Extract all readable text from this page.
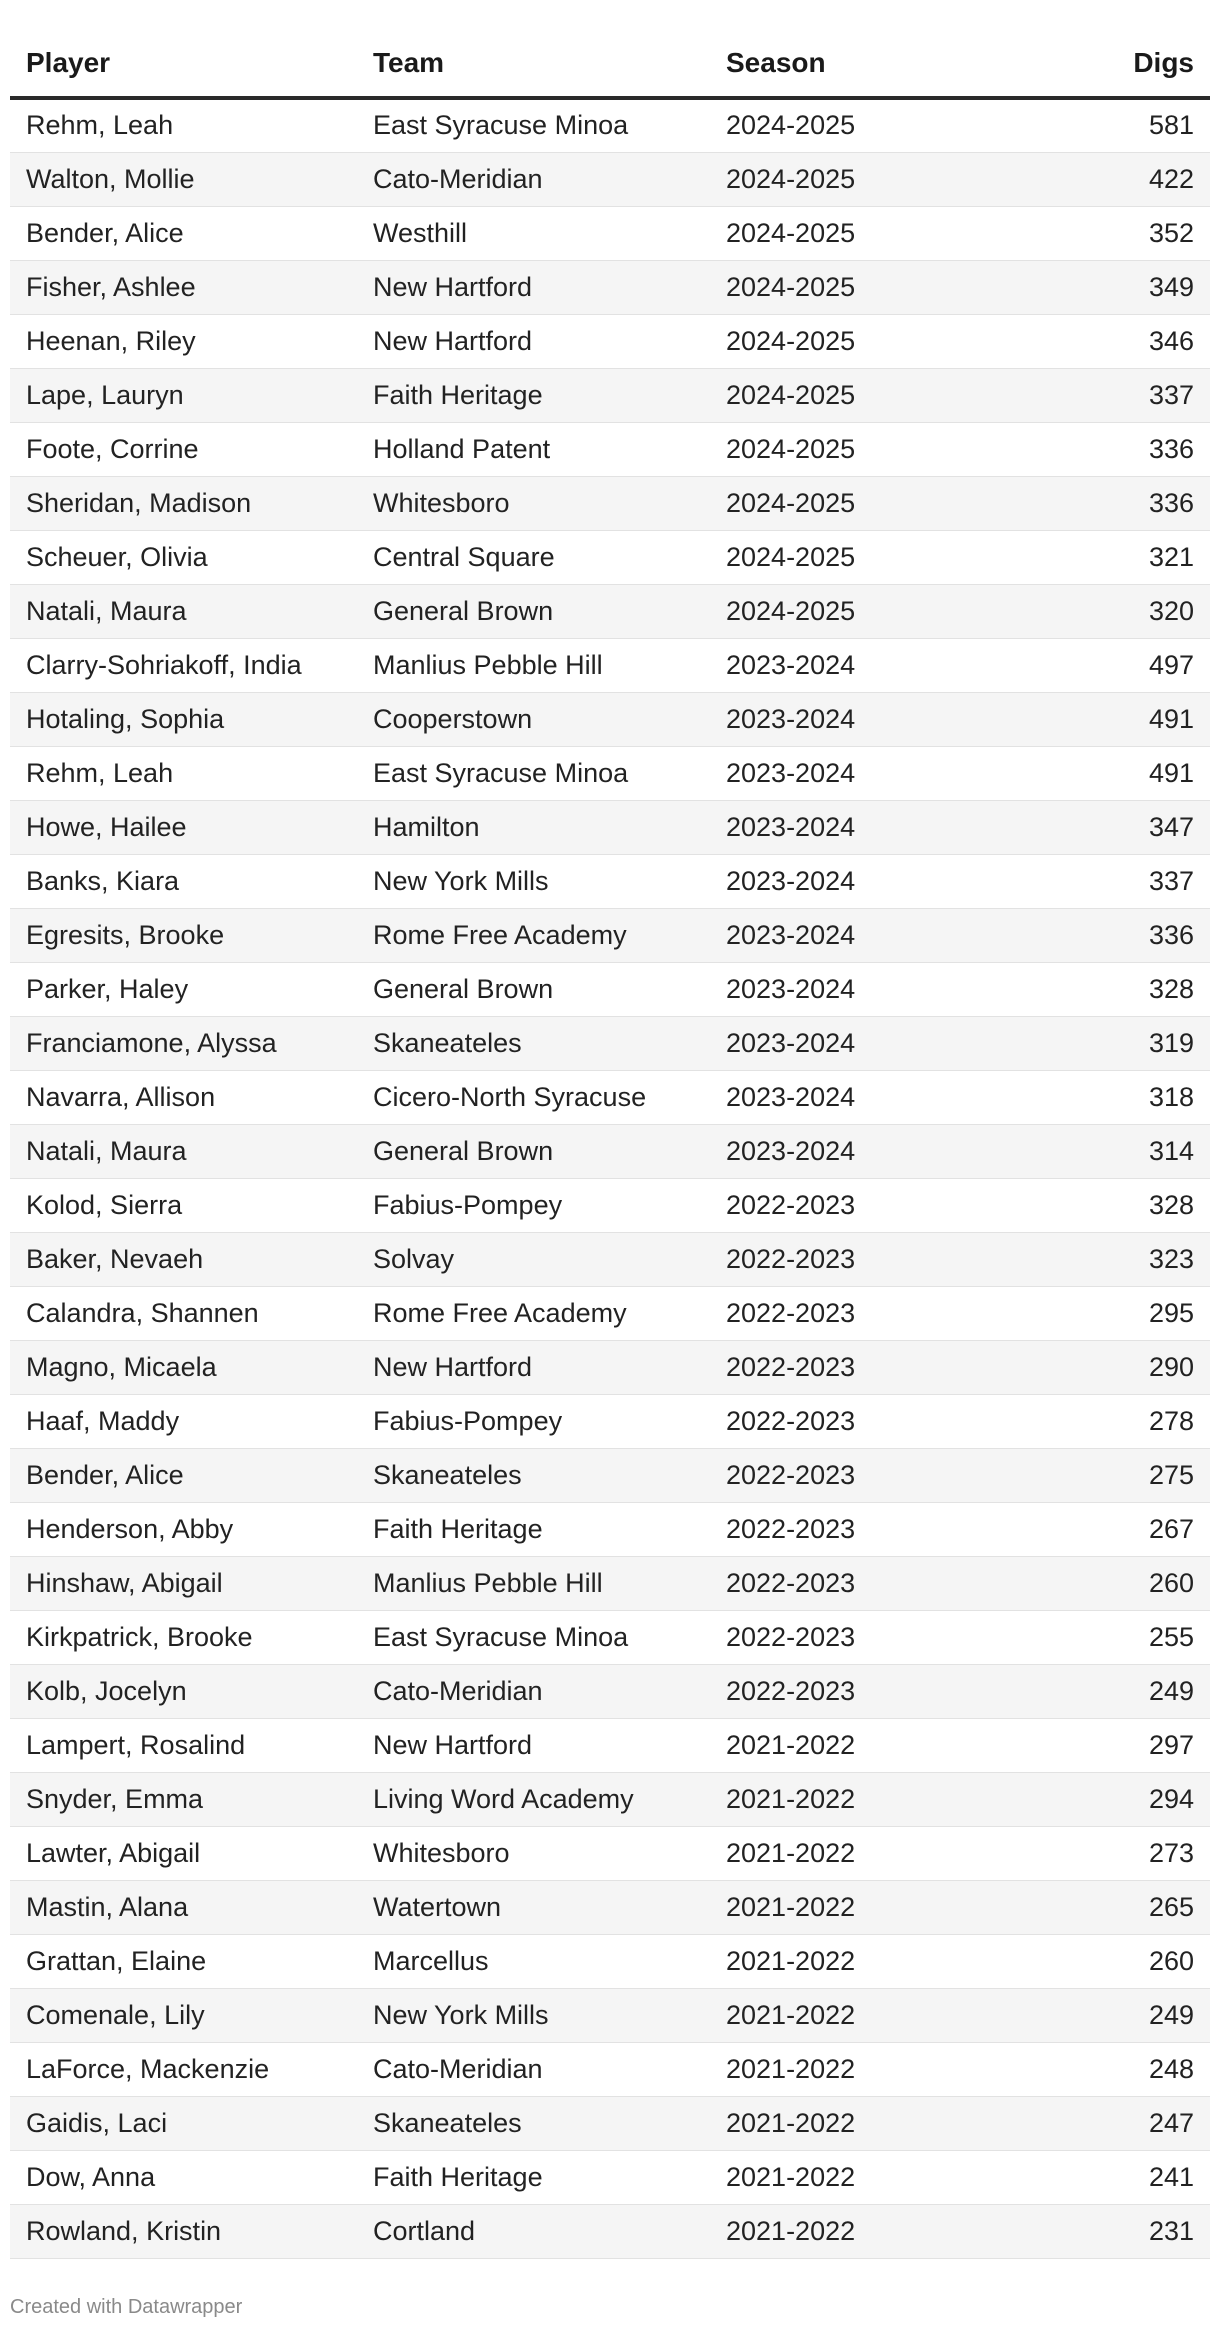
Player	Team	Season	Digs
Rehm, Leah	East Syracuse Minoa	2024-2025	581
Walton, Mollie	Cato-Meridian	2024-2025	422
Bender, Alice	Westhill	2024-2025	352
Fisher, Ashlee	New Hartford	2024-2025	349
Heenan, Riley	New Hartford	2024-2025	346
Lape, Lauryn	Faith Heritage	2024-2025	337
Foote, Corrine	Holland Patent	2024-2025	336
Sheridan, Madison	Whitesboro	2024-2025	336
Scheuer, Olivia	Central Square	2024-2025	321
Natali, Maura	General Brown	2024-2025	320
Clarry-Sohriakoff, India	Manlius Pebble Hill	2023-2024	497
Hotaling, Sophia	Cooperstown	2023-2024	491
Rehm, Leah	East Syracuse Minoa	2023-2024	491
Howe, Hailee	Hamilton	2023-2024	347
Banks, Kiara	New York Mills	2023-2024	337
Egresits, Brooke	Rome Free Academy	2023-2024	336
Parker, Haley	General Brown	2023-2024	328
Franciamone, Alyssa	Skaneateles	2023-2024	319
Navarra, Allison	Cicero-North Syracuse	2023-2024	318
Natali, Maura	General Brown	2023-2024	314
Kolod, Sierra	Fabius-Pompey	2022-2023	328
Baker, Nevaeh	Solvay	2022-2023	323
Calandra, Shannen	Rome Free Academy	2022-2023	295
Magno, Micaela	New Hartford	2022-2023	290
Haaf, Maddy	Fabius-Pompey	2022-2023	278
Bender, Alice	Skaneateles	2022-2023	275
Henderson, Abby	Faith Heritage	2022-2023	267
Hinshaw, Abigail	Manlius Pebble Hill	2022-2023	260
Kirkpatrick, Brooke	East Syracuse Minoa	2022-2023	255
Kolb, Jocelyn	Cato-Meridian	2022-2023	249
Lampert, Rosalind	New Hartford	2021-2022	297
Snyder, Emma	Living Word Academy	2021-2022	294
Lawter, Abigail	Whitesboro	2021-2022	273
Mastin, Alana	Watertown	2021-2022	265
Grattan, Elaine	Marcellus	2021-2022	260
Comenale, Lily	New York Mills	2021-2022	249
LaForce, Mackenzie	Cato-Meridian	2021-2022	248
Gaidis, Laci	Skaneateles	2021-2022	247
Dow, Anna	Faith Heritage	2021-2022	241
Rowland, Kristin	Cortland	2021-2022	231
Created with Datawrapper
